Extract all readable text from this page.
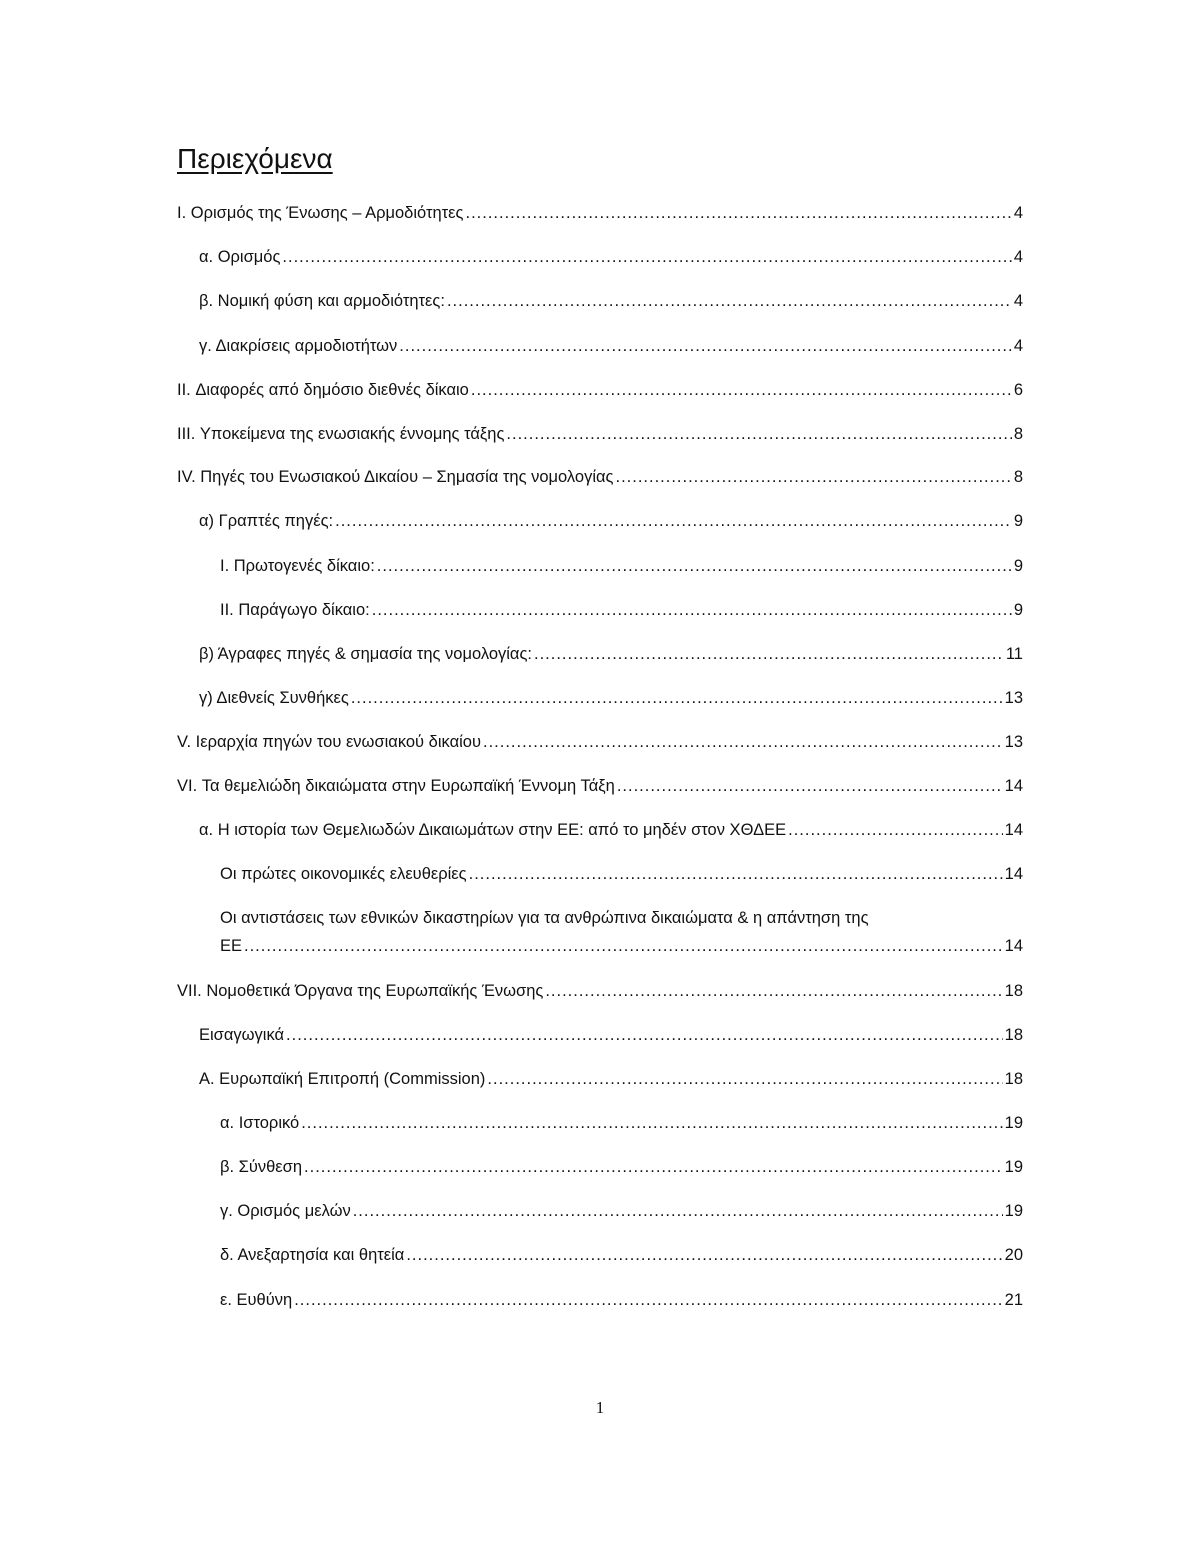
Περιεχόμενα
I. Ορισμός της Ένωσης – Αρμοδιότητες .....	4
α. Ορισμός .....	4
β. Νομική φύση και αρμοδιότητες: .....	4
γ. Διακρίσεις αρμοδιοτήτων .....	4
II. Διαφορές από δημόσιο διεθνές δίκαιο .....	6
III. Υποκείμενα της ενωσιακής έννομης τάξης .....	8
IV. Πηγές του Ενωσιακού Δικαίου – Σημασία της νομολογίας .....	8
α) Γραπτές πηγές: .....	9
I. Πρωτογενές δίκαιο: .....	9
II. Παράγωγο δίκαιο: .....	9
β) Άγραφες πηγές & σημασία της νομολογίας: .....	11
γ) Διεθνείς Συνθήκες .....	13
V. Ιεραρχία πηγών του ενωσιακού δικαίου .....	13
VI. Τα θεμελιώδη δικαιώματα στην Ευρωπαϊκή Έννομη Τάξη .....	14
α. Η ιστορία των Θεμελιωδών Δικαιωμάτων στην ΕΕ: από το μηδέν στον ΧΘΔΕΕ .....	14
Οι πρώτες οικονομικές ελευθερίες .....	14
Οι αντιστάσεις των εθνικών δικαστηρίων για τα ανθρώπινα δικαιώματα & η απάντηση της
ΕΕ .....	14
VII. Νομοθετικά Όργανα της Ευρωπαϊκής Ένωσης .....	18
Εισαγωγικά .....	18
Α. Ευρωπαϊκή Επιτροπή (Commission) .....	18
α. Ιστορικό .....	19
β. Σύνθεση .....	19
γ. Ορισμός μελών .....	19
δ. Ανεξαρτησία και θητεία .....	20
ε. Ευθύνη .....	21
1
